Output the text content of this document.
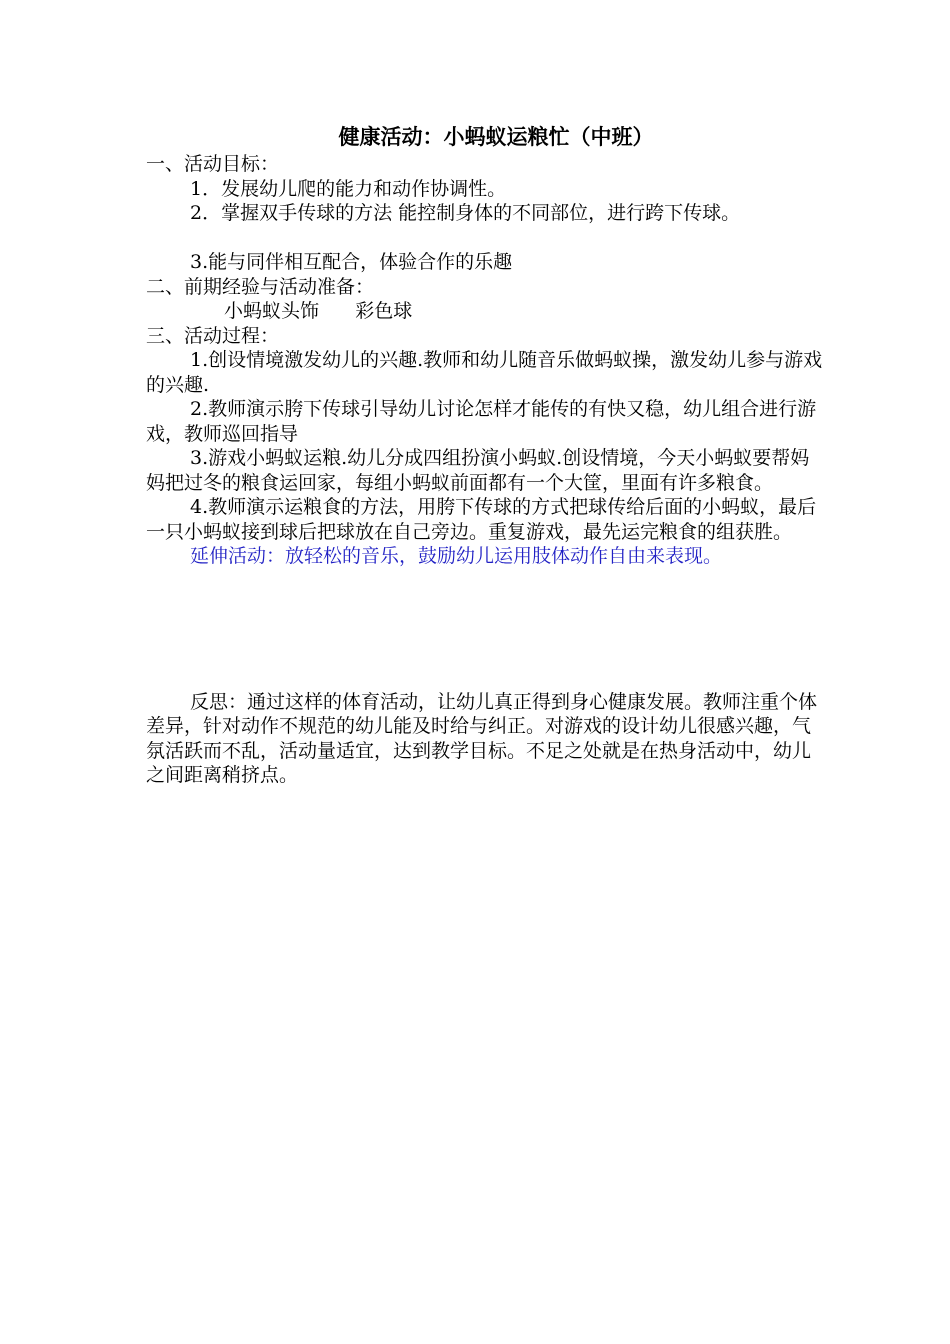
健康活动：小蚂蚁运粮忙（中班）

一、活动目标：

1．发展幼儿爬的能力和动作协调性。

2．掌握双手传球的方法 能控制身体的不同部位，进行跨下传球。

3.能与同伴相互配合，体验合作的乐趣

二、前期经验与活动准备：

小蚂蚁头饰      彩色球

三、活动过程：

1.创设情境激发幼儿的兴趣.教师和幼儿随音乐做蚂蚁操，激发幼儿参与游戏的兴趣.

2.教师演示胯下传球引导幼儿讨论怎样才能传的有快又稳，幼儿组合进行游戏，教师巡回指导

3.游戏小蚂蚁运粮.幼儿分成四组扮演小蚂蚁.创设情境，今天小蚂蚁要帮妈妈把过冬的粮食运回家，每组小蚂蚁前面都有一个大筐，里面有许多粮食。

4.教师演示运粮食的方法，用胯下传球的方式把球传给后面的小蚂蚁，最后一只小蚂蚁接到球后把球放在自己旁边。重复游戏，最先运完粮食的组获胜。

延伸活动：放轻松的音乐，鼓励幼儿运用肢体动作自由来表现。

反思：通过这样的体育活动，让幼儿真正得到身心健康发展。教师注重个体差异，针对动作不规范的幼儿能及时给与纠正。对游戏的设计幼儿很感兴趣，气氛活跃而不乱，活动量适宜，达到教学目标。不足之处就是在热身活动中，幼儿之间距离稍挤点。
